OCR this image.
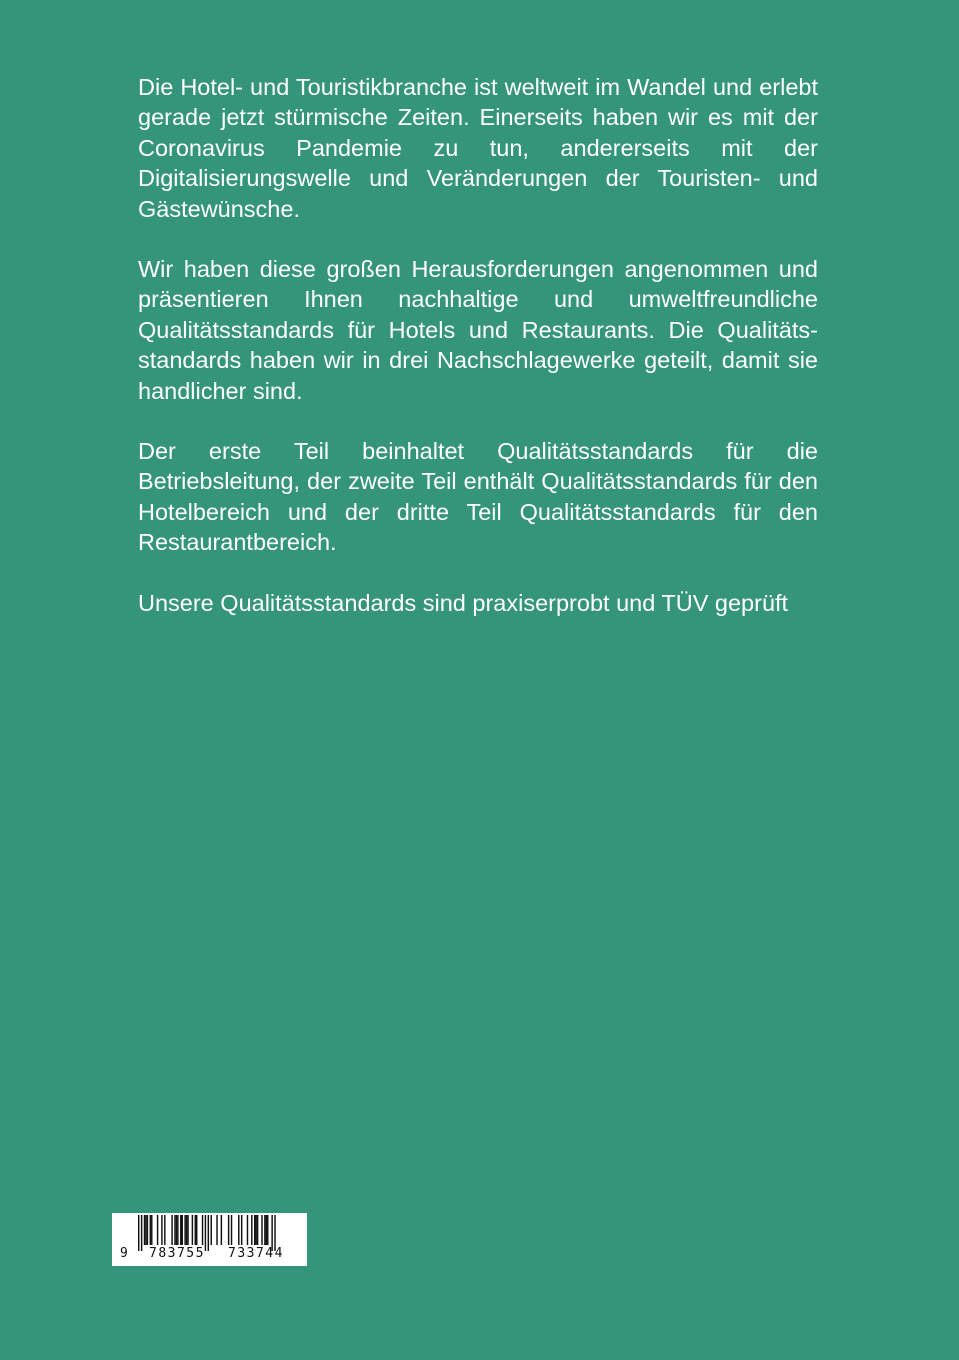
Die Hotel- und Touristikbranche ist weltweit im Wandel und erlebt gerade jetzt stürmische Zeiten. Einerseits haben wir es mit der Coronavirus Pandemie zu tun, andererseits mit der Digitalisierungswelle und Veränderungen der Touristen- und Gästewünsche.

Wir haben diese großen Herausforderungen angenommen und präsentieren Ihnen nachhaltige und umweltfreundliche Qualitätsstandards für Hotels und Restaurants. Die Qualitäts-standards haben wir in drei Nachschlagewerke geteilt, damit sie handlicher sind.

Der erste Teil beinhaltet Qualitätsstandards für die Betriebsleitung, der zweite Teil enthält Qualitätsstandards für den Hotelbereich und der dritte Teil Qualitätsstandards für den Restaurantbereich.

Unsere Qualitätsstandards sind praxiserprobt und TÜV geprüft

9 783755 733744
